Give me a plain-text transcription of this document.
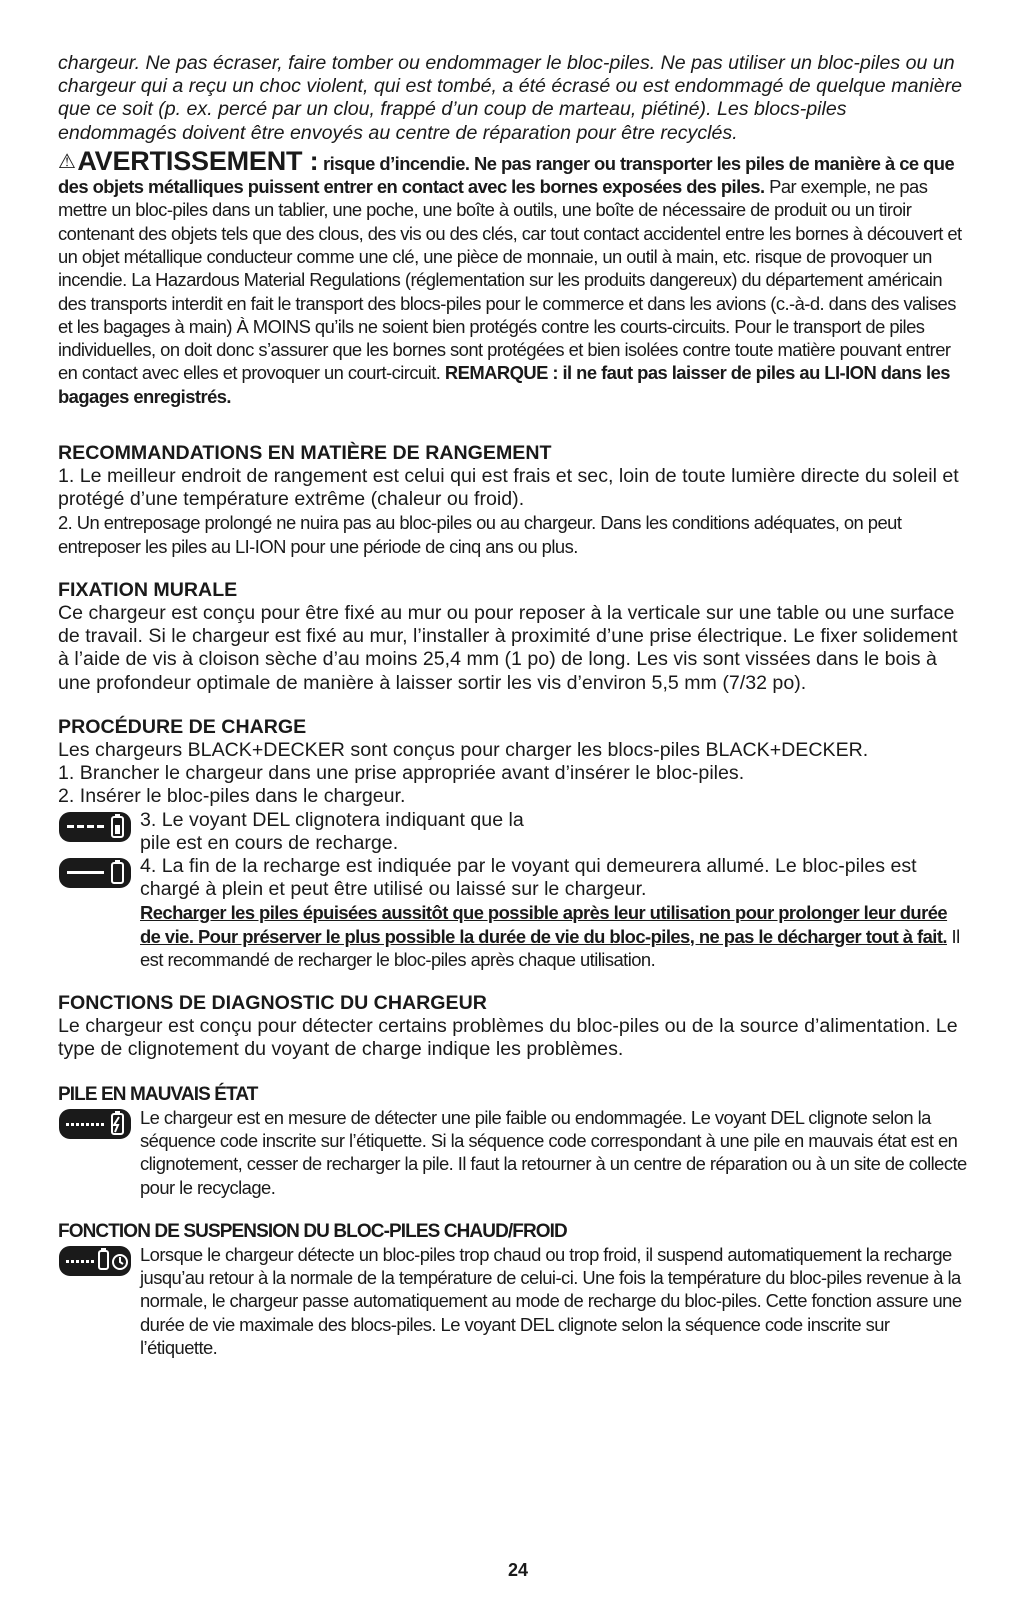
chargeur. Ne pas écraser, faire tomber ou endommager le bloc-piles. Ne pas utiliser un bloc-piles ou un chargeur qui a reçu un choc violent, qui est tombé, a été écrasé ou est endommagé de quelque manière que ce soit (p. ex. percé par un clou, frappé d’un coup de marteau, piétiné). Les blocs-piles endommagés doivent être envoyés au centre de réparation pour être recyclés.

⚠AVERTISSEMENT : risque d’incendie. Ne pas ranger ou transporter les piles de manière à ce que des objets métalliques puissent entrer en contact avec les bornes exposées des piles. Par exemple, ne pas mettre un bloc-piles dans un tablier, une poche, une boîte à outils, une boîte de nécessaire de produit ou un tiroir contenant des objets tels que des clous, des vis ou des clés, car tout contact accidentel entre les bornes à découvert et un objet métallique conducteur comme une clé, une pièce de monnaie, un outil à main, etc. risque de provoquer un incendie. La Hazardous Material Regulations (réglementation sur les produits dangereux) du département américain des transports interdit en fait le transport des blocs-piles pour le commerce et dans les avions (c.-à-d. dans des valises et les bagages à main) À MOINS qu’ils ne soient bien protégés contre les courts-circuits. Pour le transport de piles individuelles, on doit donc s’assurer que les bornes sont protégées et bien isolées contre toute matière pouvant entrer en contact avec elles et provoquer un court-circuit. REMARQUE : il ne faut pas laisser de piles au LI-ION dans les bagages enregistrés.

RECOMMANDATIONS EN MATIÈRE DE RANGEMENT

1. Le meilleur endroit de rangement est celui qui est frais et sec, loin de toute lumière directe du soleil et protégé d’une température extrême (chaleur ou froid).

2. Un entreposage prolongé ne nuira pas au bloc-piles ou au chargeur. Dans les conditions adéquates, on peut entreposer les piles au LI-ION pour une période de cinq ans ou plus.

FIXATION MURALE

Ce chargeur est conçu pour être fixé au mur ou pour reposer à la verticale sur une table ou une surface de travail. Si le chargeur est fixé au mur, l’installer à proximité d’une prise électrique. Le fixer solidement à l’aide de vis à cloison sèche d’au moins 25,4 mm (1 po) de long. Les vis sont vissées dans le bois à une profondeur optimale de manière à laisser sortir les vis d’environ 5,5 mm (7/32 po).

PROCÉDURE DE CHARGE

Les chargeurs BLACK+DECKER sont conçus pour charger les blocs-piles BLACK+DECKER.

1. Brancher le chargeur dans une prise appropriée avant d’insérer le bloc-piles.

2. Insérer le bloc-piles dans le chargeur.

3. Le voyant DEL clignotera indiquant que la pile est en cours de recharge.

4. La fin de la recharge est indiquée par le voyant qui demeurera allumé. Le bloc-piles est chargé à plein et peut être utilisé ou laissé sur le chargeur.

Recharger les piles épuisées aussitôt que possible après leur utilisation pour prolonger leur durée de vie. Pour préserver le plus possible la durée de vie du bloc-piles, ne pas le décharger tout à fait. Il est recommandé de recharger le bloc-piles après chaque utilisation.

FONCTIONS DE DIAGNOSTIC DU CHARGEUR

Le chargeur est conçu pour détecter certains problèmes du bloc-piles ou de la source d’alimentation. Le type de clignotement du voyant de charge indique les problèmes.

PILE EN MAUVAIS ÉTAT

Le chargeur est en mesure de détecter une pile faible ou endommagée. Le voyant DEL clignote selon la séquence code inscrite sur l’étiquette. Si la séquence code correspondant à une pile en mauvais état est en clignotement, cesser de recharger la pile. Il faut la retourner à un centre de réparation ou à un site de collecte pour le recyclage.

FONCTION DE SUSPENSION DU BLOC-PILES CHAUD/FROID

Lorsque le chargeur détecte un bloc-piles trop chaud ou trop froid, il suspend automatiquement la recharge jusqu’au retour à la normale de la température de celui-ci. Une fois la température du bloc-piles revenue à la normale, le chargeur passe automatiquement au mode de recharge du bloc-piles. Cette fonction assure une durée de vie maximale des blocs-piles. Le voyant DEL clignote selon la séquence code inscrite sur l’étiquette.

24
